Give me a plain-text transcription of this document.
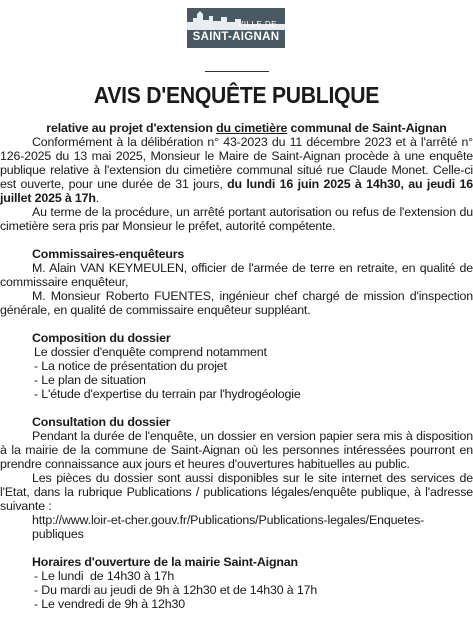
VILLE DE
SAINT-AIGNAN
AVIS D'ENQUÊTE PUBLIQUE

relative au projet d'extension du cimetière communal de Saint-Aignan

Conformément à la délibération n° 43-2023 du 11 décembre 2023 et à l'arrêté n° 126-2025 du 13 mai 2025, Monsieur le Maire de Saint-Aignan procède à une enquête publique relative à l'extension du cimetière communal situé rue Claude Monet. Celle-ci est ouverte, pour une durée de 31 jours, du lundi 16 juin 2025 à 14h30, au jeudi 16 juillet 2025 à 17h.

Au terme de la procédure, un arrêté portant autorisation ou refus de l'extension du cimetière sera pris par Monsieur le préfet, autorité compétente.

Commissaires-enquêteurs

M. Alain VAN KEYMEULEN, officier de l'armée de terre en retraite, en qualité de commissaire enquêteur,

M. Monsieur Roberto FUENTES, ingénieur chef chargé de mission d'inspection générale, en qualité de commissaire enquêteur suppléant.

Composition du dossier

Le dossier d'enquête comprend notamment

- La notice de présentation du projet

- Le plan de situation

- L'étude d'expertise du terrain par l'hydrogéologie

Consultation du dossier

Pendant la durée de l'enquête, un dossier en version papier sera mis à disposition à la mairie de la commune de Saint-Aignan où les personnes intéressées pourront en prendre connaissance aux jours et heures d'ouvertures habituelles au public.

Les pièces du dossier sont aussi disponibles sur le site internet des services de l'Etat, dans la rubrique Publications / publications légales/enquête publique, à l'adresse suivante :

http://www.loir-et-cher.gouv.fr/Publications/Publications-legales/Enquetes-publiques

Horaires d'ouverture de la mairie Saint-Aignan

- Le lundi  de 14h30 à 17h

- Du mardi au jeudi de 9h à 12h30 et de 14h30 à 17h

- Le vendredi de 9h à 12h30
